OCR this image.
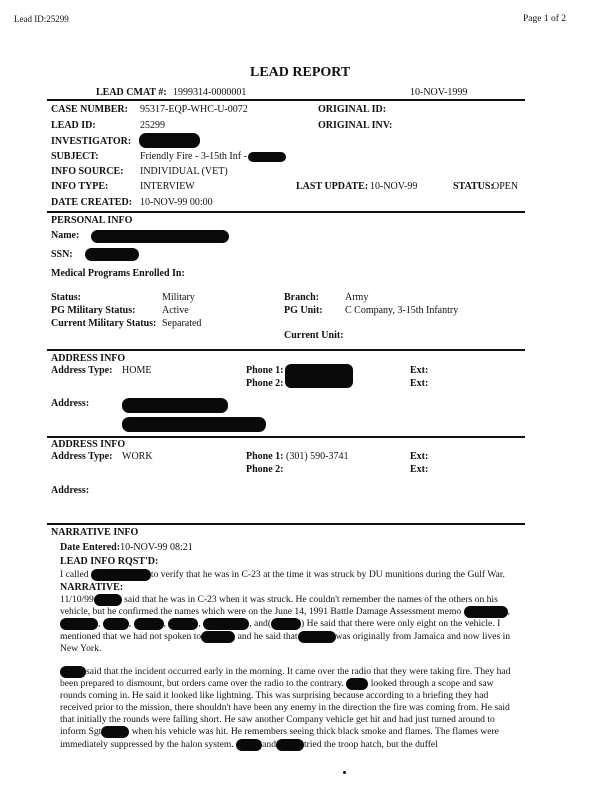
Lead ID:25299	Page 1 of 2
LEAD REPORT
LEAD CMAT #: 1999314-0000001	10-NOV-1999
CASE NUMBER: 95317-EQP-WHC-U-0072	ORIGINAL ID:
LEAD ID:	25299	ORIGINAL INV:
INVESTIGATOR:
SUBJECT:	Friendly Fire - 3-15th Inf -
INFO SOURCE: INDIVIDUAL (VET)
INFO TYPE:	INTERVIEW	LAST UPDATE: 10-NOV-99	STATUS:
OPEN
DATE CREATED: 10-NOV-99 00:00
PERSONAL INFO
Name:
SSN:
Medical Programs Enrolled In:
Status:	Military	Branch:	Army
PG Military Status:	Active	PG Unit: C Company, 3-15th Infantry
Current Military Status: Separated
Current Unit:
ADDRESS INFO
Address Type: HOME	Phone 1:
Phone 2:
Ext:
Ext:
Address:
ADDRESS INFO
Address Type: WORK	Phone 1: (301) 590-3741
Phone 2:
Ext:
Ext:
Address:
NARRATIVE INFO
Date Entered:10-NOV-99 08:21
LEAD INFO RQST'D:

I called	to verify that he was in C-23 at the time it was struck by DU munitions during the Gulf War.

NARRATIVE:

11/10/99	said that he was in C-23 when it was struck. He couldn't remember the names of the others on his vehicle, but he confirmed the names which were on the June 14, 1991 Battle Damage Assessment memo	, ,	,	,	,	, and(	) He said that there were only eight on the vehicle. I mentioned that we had not spoken to	and he said that	was originally from Jamaica and now lives in New York.

said that the incident occurred early in the morning. It came over the radio that they were taking fire. They had been prepared to dismount, but orders came over the radio to the contrary.	looked through a scope and saw rounds coming in. He said it looked like lightning. This was surprising because according to a briefing they had received prior to the mission, there shouldn't have been any enemy in the direction the fire was coming from. He said that initially the rounds were falling short. He saw another Company vehicle get hit and had just turned around to inform Sgt	when his vehicle was hit. He remembers seeing thick black smoke and flames. The flames were immediately suppressed by the halon system.	and	tried the troop hatch, but the duffel
